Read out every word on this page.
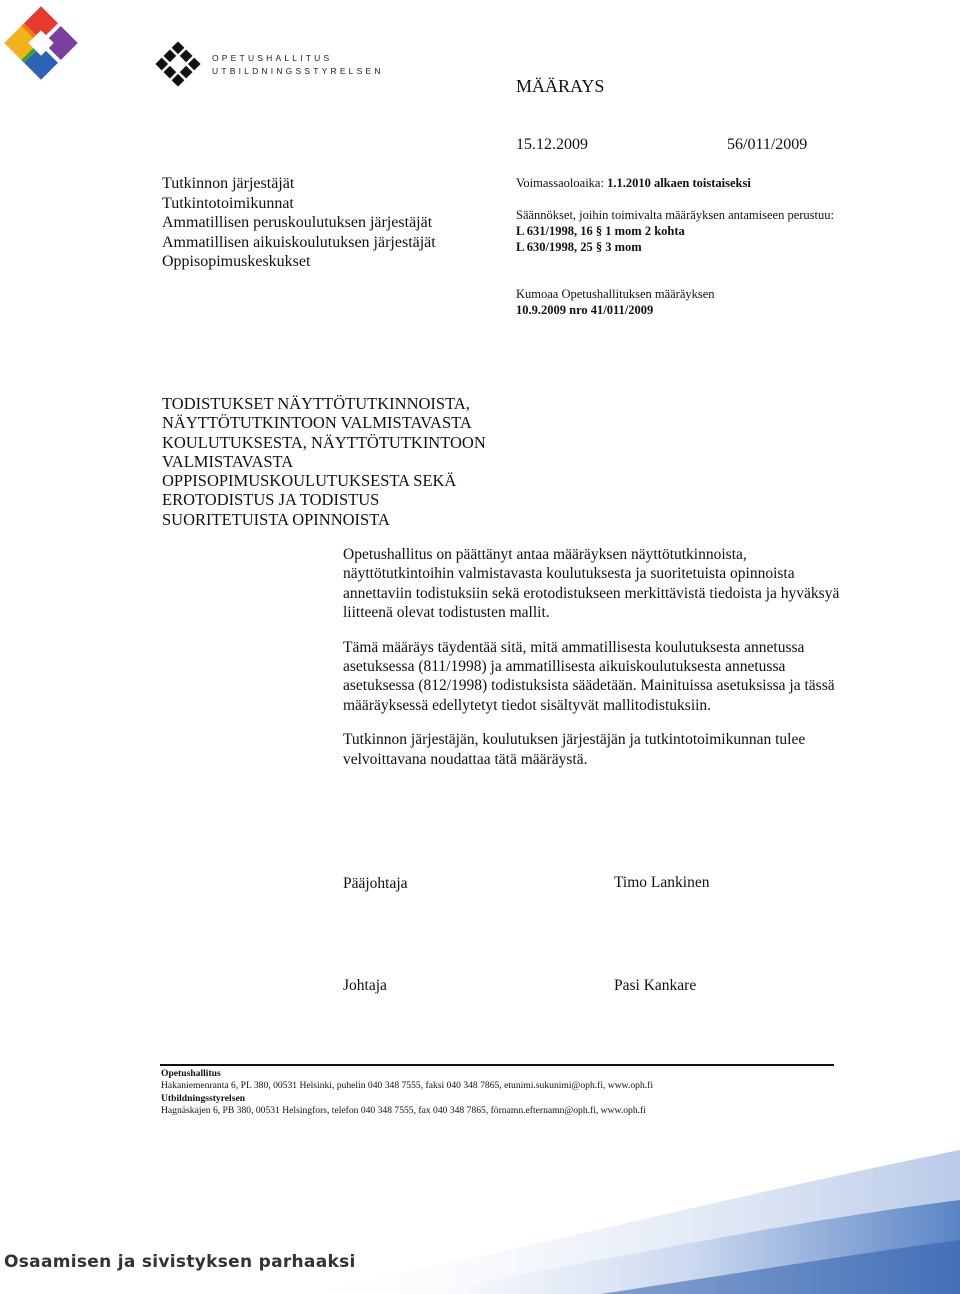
OPETUSHALLITUS
UTBILDNINGSSTYRELSEN
MÄÄRAYS
15.12.2009	56/011/2009
Tutkinnon järjestäjät
Tutkintotoimikunnat
Ammatillisen peruskoulutuksen järjestäjät
Ammatillisen aikuiskoulutuksen järjestäjät
Oppisopimuskeskukset
Voimassaoloaika: 1.1.2010 alkaen toistaiseksi
Säännökset, joihin toimivalta määräyksen antamiseen perustuu:
L 631/1998, 16 § 1 mom 2 kohta
L 630/1998, 25 § 3 mom
Kumoaa Opetushallituksen määräyksen
10.9.2009 nro 41/011/2009
TODISTUKSET NÄYTTÖTUTKINNOISTA,
NÄYTTÖTUTKINTOON VALMISTAVASTA
KOULUTUKSESTA, NÄYTTÖTUTKINTOON
VALMISTAVASTA
OPPISOPIMUSKOULUTUKSESTA SEKÄ
EROTODISTUS JA TODISTUS
SUORITETUISTA OPINNOISTA

Opetushallitus on päättänyt antaa määräyksen näyttötutkinnoista, näyttötutkintoihin valmistavasta koulutuksesta ja suoritetuista opinnoista annettaviin todistuksiin sekä erotodistukseen merkittävistä tiedoista ja hyväksyä liitteenä olevat todistusten mallit.

Tämä määräys täydentää sitä, mitä ammatillisesta koulutuksesta annetussa asetuksessa (811/1998) ja ammatillisesta aikuiskoulutuksesta annetussa asetuksessa (812/1998) todistuksista säädetään. Mainituissa asetuksissa ja tässä määräyksessä edellytetyt tiedot sisältyvät mallitodistuksiin.

Tutkinnon järjestäjän, koulutuksen järjestäjän ja tutkintotoimikunnan tulee velvoittavana noudattaa tätä määräystä.

Pääjohtaja	Timo Lankinen
Johtaja	Pasi Kankare
Opetushallitus
Hakaniemenranta 6, PL 380, 00531 Helsinki, puhelin 040 348 7555, faksi 040 348 7865, etunimi.sukunimi@oph.fi, www.oph.fi
Utbildningsstyrelsen
Hagnäskajen 6, PB 380, 00531 Helsingfors, telefon 040 348 7555, fax 040 348 7865, förnamn.efternamn@oph.fi, www.oph.fi
Osaamisen ja sivistyksen parhaaksi
